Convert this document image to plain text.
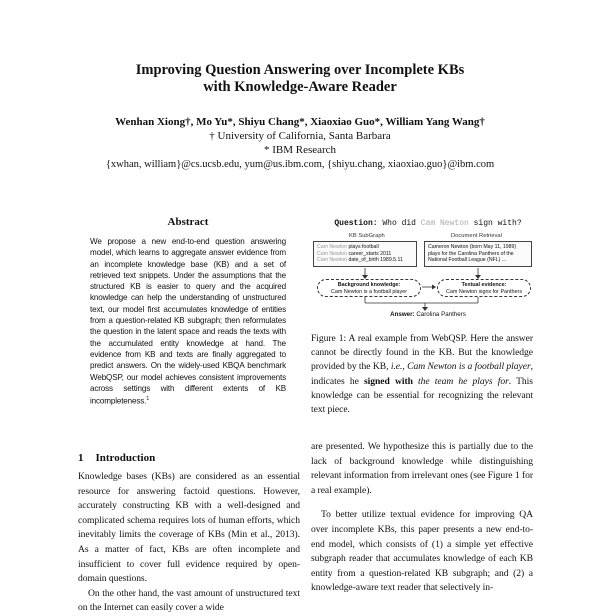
Improving Question Answering over Incomplete KBs
with Knowledge-Aware Reader
Wenhan Xiong†, Mo Yu*, Shiyu Chang*, Xiaoxiao Guo*, William Yang Wang†
† University of California, Santa Barbara
* IBM Research
{xwhan, william}@cs.ucsb.edu, yum@us.ibm.com, {shiyu.chang, xiaoxiao.guo}@ibm.com
Abstract
We propose a new end-to-end question answering model, which learns to aggregate answer evidence from an incomplete knowledge base (KB) and a set of retrieved text snippets. Under the assumptions that the structured KB is easier to query and the acquired knowledge can help the understanding of unstructured text, our model first accumulates knowledge of entities from a question-related KB subgraph; then reformulates the question in the latent space and reads the texts with the accumulated entity knowledge at hand. The evidence from KB and texts are finally aggregated to predict answers. On the widely-used KBQA benchmark WebQSP, our model achieves consistent improvements across settings with different extents of KB incompleteness.$^1$
1 Introduction

Knowledge bases (KBs) are considered as an essential resource for answering factoid questions. However, accurately constructing KB with a well-designed and complicated schema requires lots of human efforts, which inevitably limits the coverage of KBs (Min et al., 2013). As a matter of fact, KBs are often incomplete and insufficient to cover full evidence required by open-domain questions.

On the other hand, the vast amount of unstructured text on the Internet can easily cover a wide

Question: Who did Cam Newton sign with?
KB SubGraph	Document Retrieval
Cam Newton plays football
Cam Newton career_starts 2011
Cam Newton date_of_birth 1989.5.11
Cameron Newton (born May 11, 1989) plays for the Carolina Panthers of the National Football League (NFL) ...
Background knowledge:
Cam Newton is a football player
Textual evidence:
Cam Newton signs for Panthers
Answer: Carolina Panthers
Figure 1: A real example from WebQSP. Here the answer cannot be directly found in the KB. But the knowledge provided by the KB, i.e., Cam Newton is a football player, indicates he signed with the team he plays for. This knowledge can be essential for recognizing the relevant text piece.

are presented. We hypothesize this is partially due to the lack of background knowledge while distinguishing relevant information from irrelevant ones (see Figure 1 for a real example).

To better utilize textual evidence for improving QA over incomplete KBs, this paper presents a new end-to-end model, which consists of (1) a simple yet effective subgraph reader that accumulates knowledge of each KB entity from a question-related KB subgraph; and (2) a knowledge-aware text reader that selectively in-
